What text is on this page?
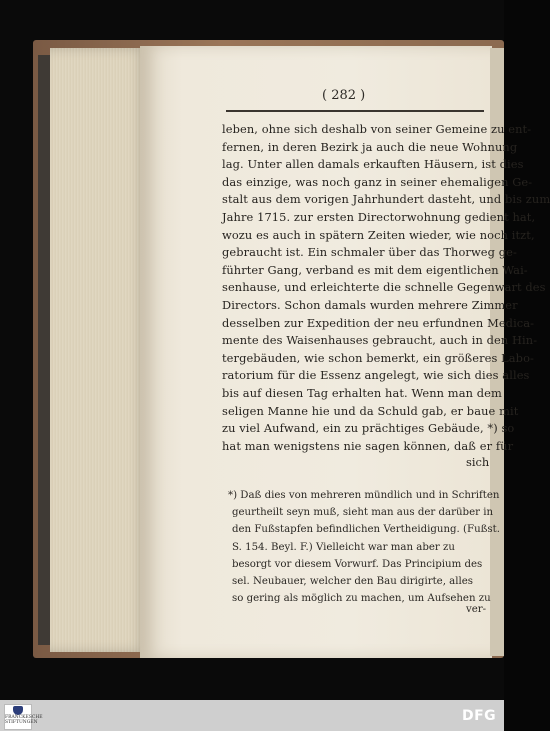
( 282 )
leben, ohne sich deshalb von seiner Gemeine zu ent-
fernen, in deren Bezirk ja auch die neue Wohnung
lag. Unter allen damals erkauften Häusern, ist dies
das einzige, was noch ganz in seiner ehemaligen Ge-
stalt aus dem vorigen Jahrhundert dasteht, und bis zum
Jahre 1715. zur ersten Directorwohnung gedient hat,
wozu es auch in spätern Zeiten wieder, wie noch itzt,
gebraucht ist. Ein schmaler über das Thorweg ge-
führter Gang, verband es mit dem eigentlichen Wai-
senhause, und erleichterte die schnelle Gegenwart des
Directors. Schon damals wurden mehrere Zimmer
desselben zur Expedition der neu erfundnen Medica-
mente des Waisenhauses gebraucht, auch in den Hin-
tergebäuden, wie schon bemerkt, ein größeres Labo-
ratorium für die Essenz angelegt, wie sich dies alles
bis auf diesen Tag erhalten hat. Wenn man dem
seligen Manne hie und da Schuld gab, er baue mit
zu viel Aufwand, ein zu prächtiges Gebäude, *) so
hat man wenigstens nie sagen können, daß er für
sich
*) Daß dies von mehreren mündlich und in Schriften
geurtheilt seyn muß, sieht man aus der darüber in
den Fußstapfen befindlichen Vertheidigung. (Fußst.
S. 154. Beyl. F.) Vielleicht war man aber zu
besorgt vor diesem Vorwurf. Das Principium des
sel. Neubauer, welcher den Bau dirigirte, alles
so gering als möglich zu machen, um Aufsehen zu
ver-
FRANCKESCHE STIFTUNGEN	DFG
